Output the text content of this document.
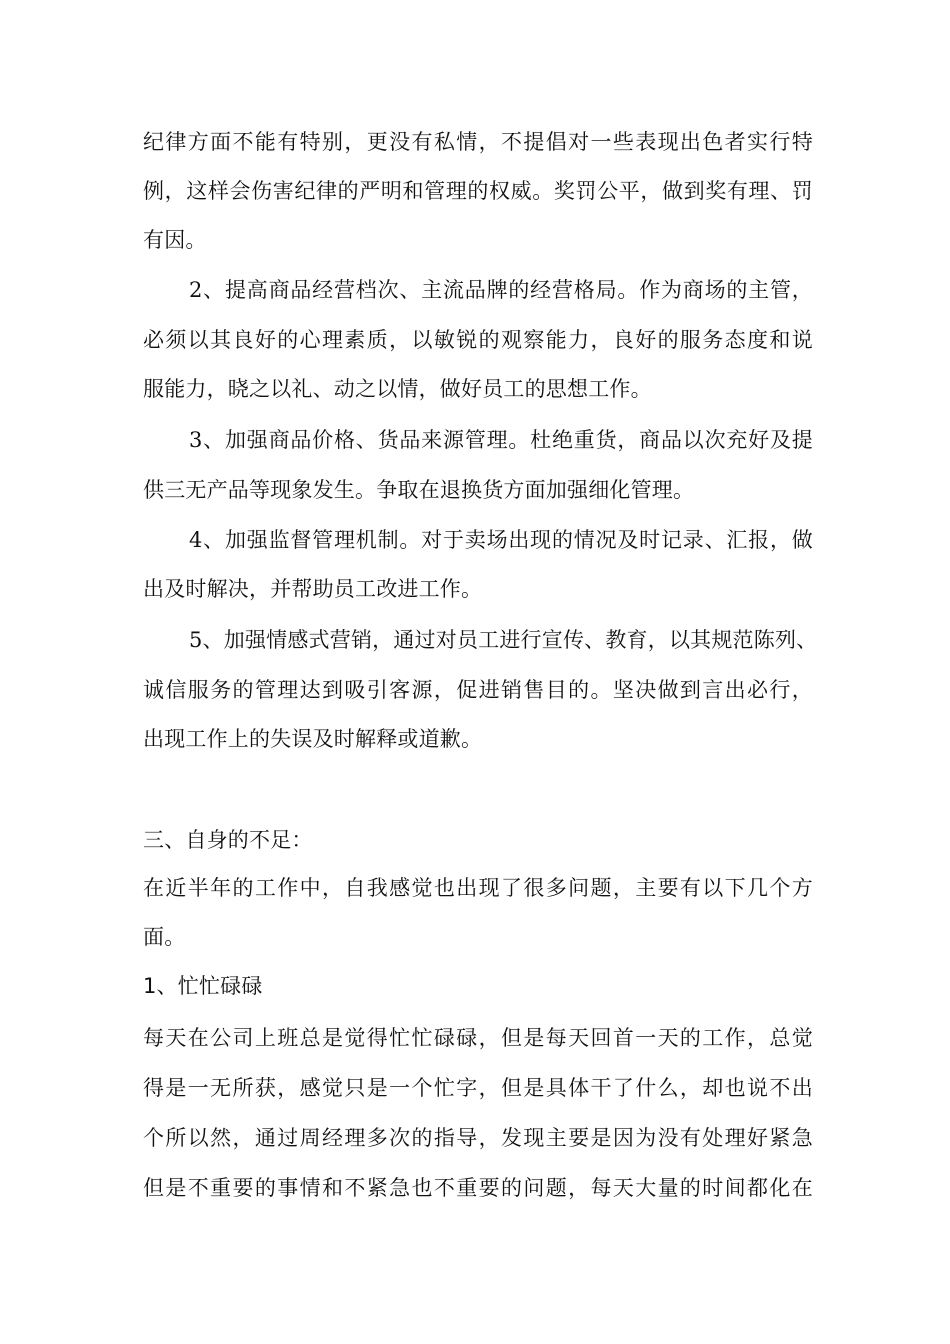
纪律方面不能有特别，更没有私情，不提倡对一些表现出色者实行特
例，这样会伤害纪律的严明和管理的权威。奖罚公平，做到奖有理、罚
有因。
2、提高商品经营档次、主流品牌的经营格局。作为商场的主管，
必须以其良好的心理素质，以敏锐的观察能力，良好的服务态度和说
服能力，晓之以礼、动之以情，做好员工的思想工作。
3、加强商品价格、货品来源管理。杜绝重货，商品以次充好及提
供三无产品等现象发生。争取在退换货方面加强细化管理。
4、加强监督管理机制。对于卖场出现的情况及时记录、汇报，做
出及时解决，并帮助员工改进工作。
5、加强情感式营销，通过对员工进行宣传、教育，以其规范陈列、
诚信服务的管理达到吸引客源，促进销售目的。坚决做到言出必行，
出现工作上的失误及时解释或道歉。
三、自身的不足：
在近半年的工作中，自我感觉也出现了很多问题，主要有以下几个方
面。
1、忙忙碌碌
每天在公司上班总是觉得忙忙碌碌，但是每天回首一天的工作，总觉
得是一无所获，感觉只是一个忙字，但是具体干了什么，却也说不出
个所以然，通过周经理多次的指导，发现主要是因为没有处理好紧急
但是不重要的事情和不紧急也不重要的问题，每天大量的时间都化在
